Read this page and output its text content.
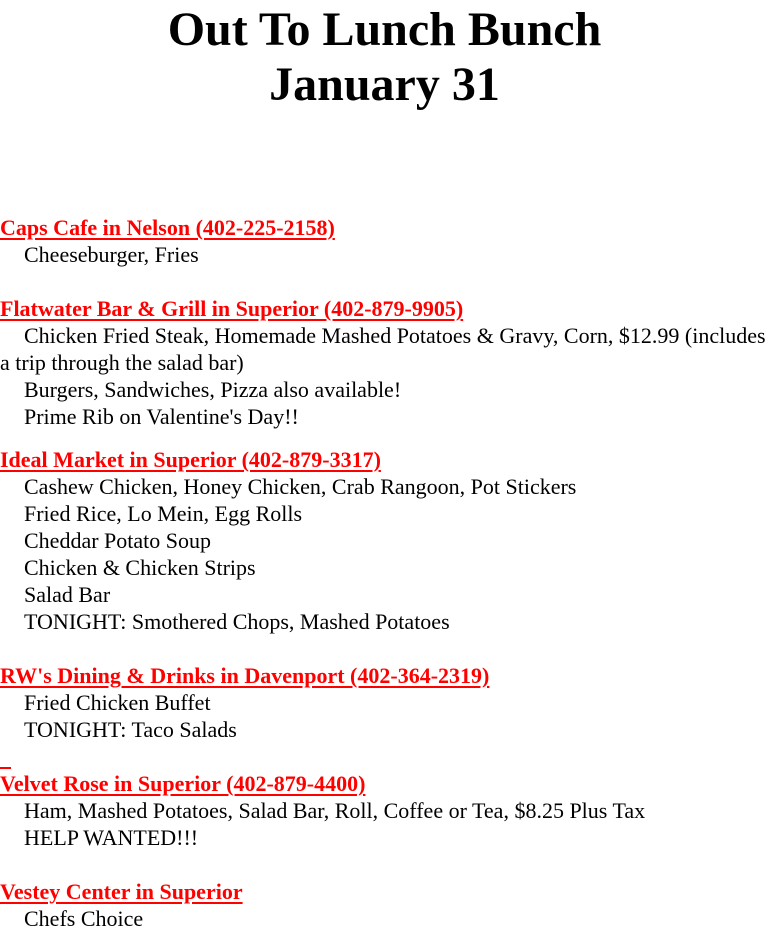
Out To Lunch Bunch
January 31
Caps Cafe in Nelson (402-225-2158)
Cheeseburger, Fries
Flatwater Bar & Grill in Superior (402-879-9905)
Chicken Fried Steak, Homemade Mashed Potatoes & Gravy, Corn, $12.99 (includes a trip through the salad bar)
Burgers, Sandwiches, Pizza also available!
Prime Rib on Valentine's Day!!
Ideal Market in Superior (402-879-3317)
Cashew Chicken, Honey Chicken, Crab Rangoon, Pot Stickers
Fried Rice, Lo Mein, Egg Rolls
Cheddar Potato Soup
Chicken & Chicken Strips
Salad Bar
TONIGHT: Smothered Chops, Mashed Potatoes
RW's Dining & Drinks in Davenport (402-364-2319)
Fried Chicken Buffet
TONIGHT: Taco Salads

Velvet Rose in Superior (402-879-4400)
Ham, Mashed Potatoes, Salad Bar, Roll, Coffee or Tea, $8.25 Plus Tax
HELP WANTED!!!
Vestey Center in Superior
Chefs Choice
